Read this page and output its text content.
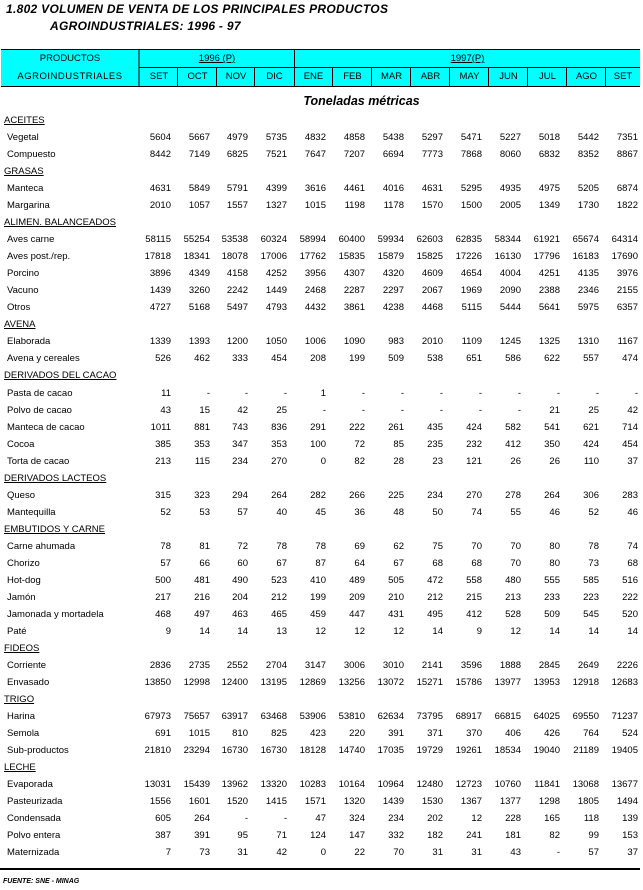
1.802 VOLUMEN DE VENTA DE LOS PRINCIPALES PRODUCTOS
AGROINDUSTRIALES: 1996 - 97
PRODUCTOS
AGROINDUSTRIALES
1996 (P)	1997(P)
SET	OCT	NOV	DIC	ENE	FEB	MAR	ABR	MAY	JUN	JUL	AGO	SET
Toneladas métricas
ACEITES
Vegetal	5604	5667	4979	5735	4832	4858	5438	5297	5471	5227	5018	5442	7351
Compuesto	8442	7149	6825	7521	7647	7207	6694	7773	7868	8060	6832	8352	8867
GRASAS
Manteca	4631	5849	5791	4399	3616	4461	4016	4631	5295	4935	4975	5205	6874
Margarina	2010	1057	1557	1327	1015	1198	1178	1570	1500	2005	1349	1730	1822
ALIMEN. BALANCEADOS
Aves carne	58115	55254	53538	60324	58994	60400	59934	62603	62835	58344	61921	65674	64314
Aves post./rep.	17818	18341	18078	17006	17762	15835	15879	15825	17226	16130	17796	16183	17690
Porcino	3896	4349	4158	4252	3956	4307	4320	4609	4654	4004	4251	4135	3976
Vacuno	1439	3260	2242	1449	2468	2287	2297	2067	1969	2090	2388	2346	2155
Otros	4727	5168	5497	4793	4432	3861	4238	4468	5115	5444	5641	5975	6357
AVENA
Elaborada	1339	1393	1200	1050	1006	1090	983	2010	1109	1245	1325	1310	1167
Avena y cereales	526	462	333	454	208	199	509	538	651	586	622	557	474
DERIVADOS DEL CACAO
Pasta de cacao	11	-	-	-	1	-	-	-	-	-	-	-	-
Polvo de cacao	43	15	42	25	-	-	-	-	-	-	21	25	42
Manteca de cacao	1011	881	743	836	291	222	261	435	424	582	541	621	714
Cocoa	385	353	347	353	100	72	85	235	232	412	350	424	454
Torta de cacao	213	115	234	270	0	82	28	23	121	26	26	110	37
DERIVADOS LACTEOS
Queso	315	323	294	264	282	266	225	234	270	278	264	306	283
Mantequilla	52	53	57	40	45	36	48	50	74	55	46	52	46
EMBUTIDOS Y CARNE
Carne ahumada	78	81	72	78	78	69	62	75	70	70	80	78	74
Chorizo	57	66	60	67	87	64	67	68	68	70	80	73	68
Hot-dog	500	481	490	523	410	489	505	472	558	480	555	585	516
Jamón	217	216	204	212	199	209	210	212	215	213	233	223	222
Jamonada y mortadela	468	497	463	465	459	447	431	495	412	528	509	545	520
Paté	9	14	14	13	12	12	12	14	9	12	14	14	14
FIDEOS
Corriente	2836	2735	2552	2704	3147	3006	3010	2141	3596	1888	2845	2649	2226
Envasado	13850	12998	12400	13195	12869	13256	13072	15271	15786	13977	13953	12918	12683
TRIGO
Harina	67973	75657	63917	63468	53906	53810	62634	73795	68917	66815	64025	69550	71237
Semola	691	1015	810	825	423	220	391	371	370	406	426	764	524
Sub-productos	21810	23294	16730	16730	18128	14740	17035	19729	19261	18534	19040	21189	19405
LECHE
Evaporada	13031	15439	13962	13320	10283	10164	10964	12480	12723	10760	11841	13068	13677
Pasteurizada	1556	1601	1520	1415	1571	1320	1439	1530	1367	1377	1298	1805	1494
Condensada	605	264	-	-	47	324	234	202	12	228	165	118	139
Polvo entera	387	391	95	71	124	147	332	182	241	181	82	99	153
Maternizada	7	73	31	42	0	22	70	31	31	43	-	57	37
FUENTE: SNE - MINAG
